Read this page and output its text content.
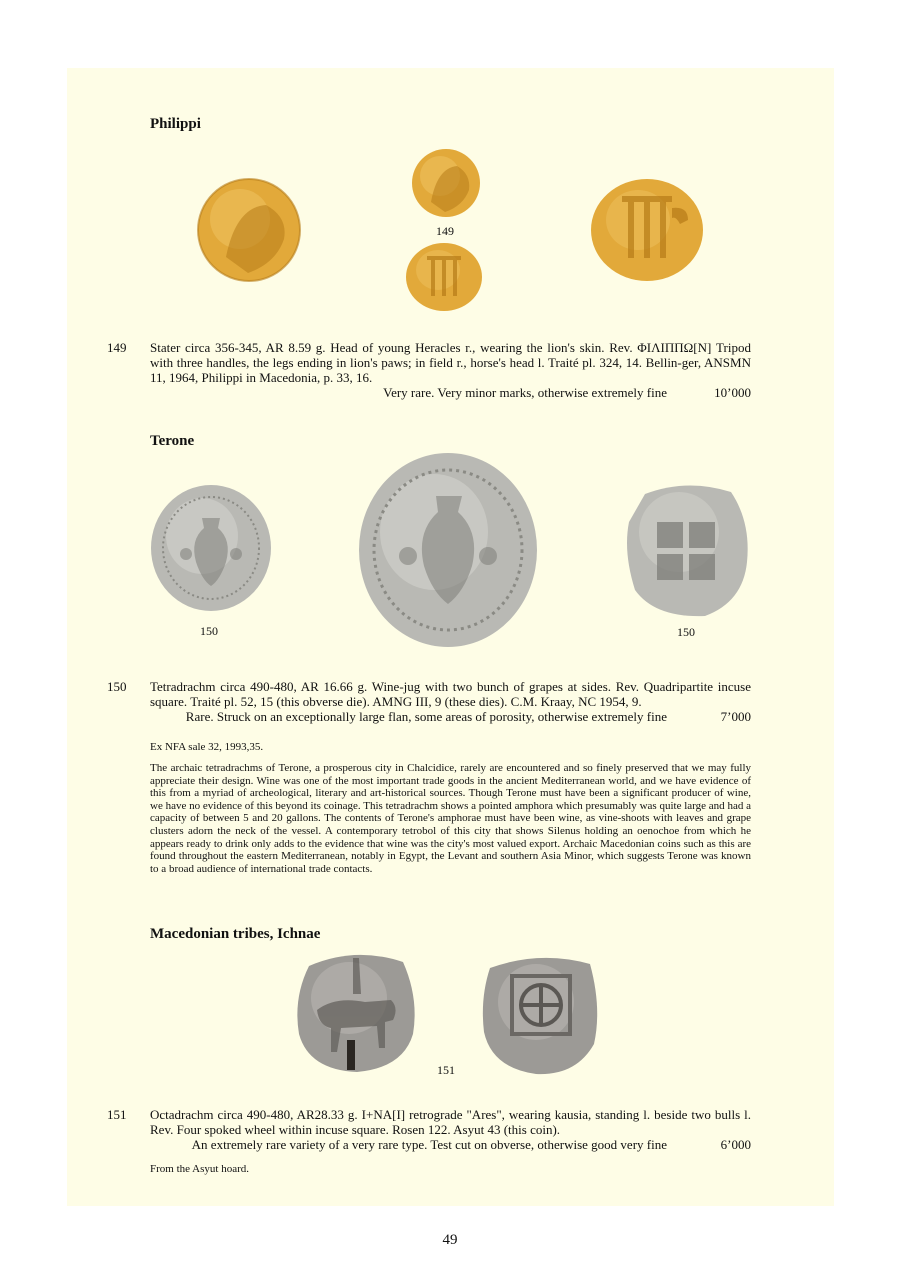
Philippi
149
149 Stater circa 356-345, AR 8.59 g. Head of young Heracles r., wearing the lion's skin. Rev. ΦΙΛΙΠΠΩ[N] Tripod with three handles, the legs ending in lion's paws; in field r., horse's head l. Traité pl. 324, 14. Bellin-ger, ANSMN 11, 1964, Philippi in Macedonia, p. 33, 16.

Very rare. Very minor marks, otherwise extremely fine	10’000
Terone
150	150
150 Tetradrachm circa 490-480, AR 16.66 g. Wine-jug with two bunch of grapes at sides. Rev. Quadripartite incuse square. Traité pl. 52, 15 (this obverse die). AMNG III, 9 (these dies). C.M. Kraay, NC 1954, 9.

Rare. Struck on an exceptionally large flan, some areas of porosity, otherwise extremely fine	7’000
Ex NFA sale 32, 1993,35.
The archaic tetradrachms of Terone, a prosperous city in Chalcidice, rarely are encountered and so finely preserved that we may fully appreciate their design. Wine was one of the most important trade goods in the ancient Mediterranean world, and we have evidence of this from a myriad of archeological, literary and art-historical sources. Though Terone must have been a significant producer of wine, we have no evidence of this beyond its coinage. This tetradrachm shows a pointed amphora which presumably was quite large and had a capacity of between 5 and 20 gallons. The contents of Terone's amphorae must have been wine, as vine-shoots with leaves and grape clusters adorn the neck of the vessel. A contemporary tetrobol of this city that shows Silenus holding an oenochoe from which he appears ready to drink only adds to the evidence that wine was the city's most valued export. Archaic Macedonian coins such as this are found throughout the eastern Mediterranean, notably in Egypt, the Levant and southern Asia Minor, which suggests Terone was known to a broad audience of international trade contacts.
Macedonian tribes, Ichnae
151
151 Octadrachm circa 490-480, AR28.33 g. I+NA[I] retrograde "Ares", wearing kausia, standing l. beside two bulls l. Rev. Four spoked wheel within incuse square. Rosen 122. Asyut 43 (this coin).

An extremely rare variety of a very rare type. Test cut on obverse, otherwise good very fine	6’000
From the Asyut hoard.
49
